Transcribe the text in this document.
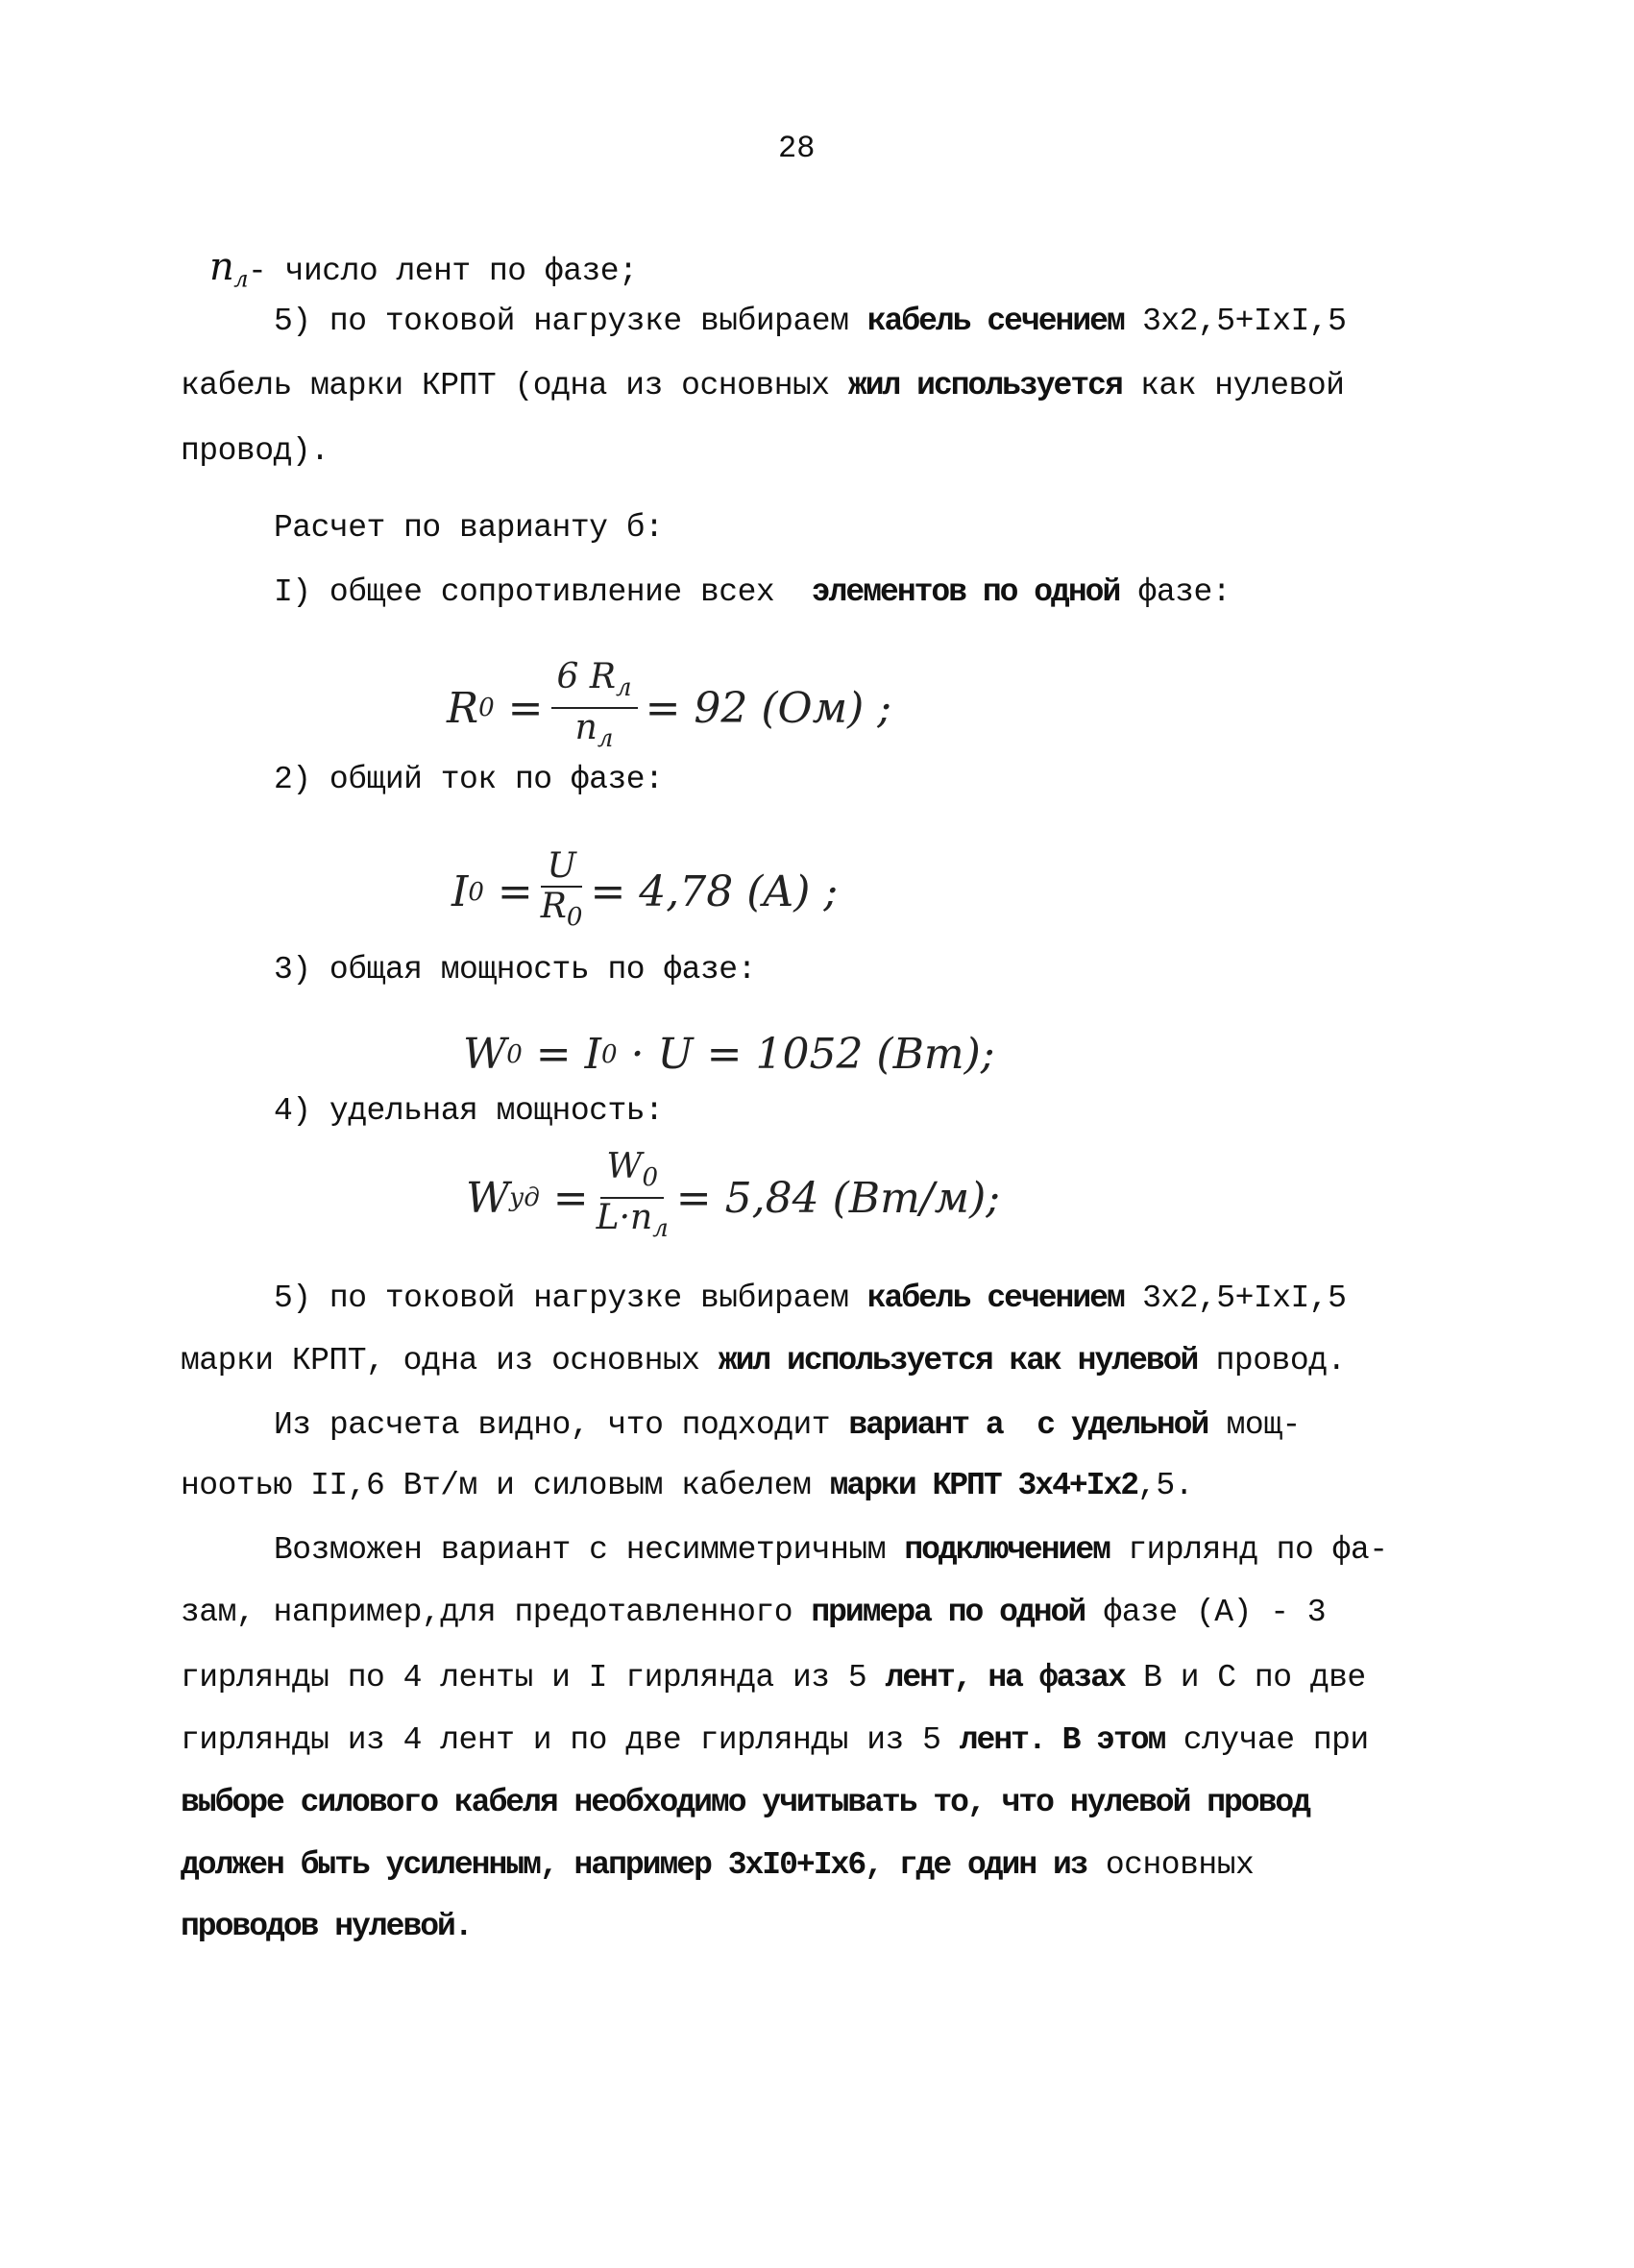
28
$n_л-$ число лент по фазе;
5) по токовой нагрузке выбираем кабель сечением 3x2,5+IxI,5
кабель марки КРПТ (одна из основных жил используется как нулевой
провод).
Расчет по варианту б:
I) общее сопротивление всех  элементов по одной фазе:
2) общий ток по фазе:
3) общая мощность по фазе:
4) удельная мощность:
5) по токовой нагрузке выбираем кабель сечением 3x2,5+IxI,5
марки КРПТ, одна из основных жил используется как нулевой провод.
Из расчета видно, что подходит вариант а  с удельной мощ-
ноотью II,6 Вт/м и силовым кабелем марки КРПТ 3x4+Ix2,5.
Возможен вариант с несимметричным подключением гирлянд по фа-
зам, например,для предотавленного примера по одной фазе (А) - 3
гирлянды по 4 ленты и I гирлянда из 5 лент, на фазах В и С по две
гирлянды из 4 лент и по две гирлянды из 5 лент. В этом случае при
выборе силового кабеля необходимо учитывать то, что нулевой провод
должен быть усиленным, например 3xI0+Ix6, где один из основных
проводов нулевой.
R $0 = \frac{6 R_л}{n_л} = 92$ (Ом) ;
I $0 = \frac{U}{R_0} = 4,78$ (A) ;
W 0
= I 0
· U = 1052 (Вт);
W уд = $\frac{W_0}{L\cdot n_л} = 5,84$ (Вт/м);
